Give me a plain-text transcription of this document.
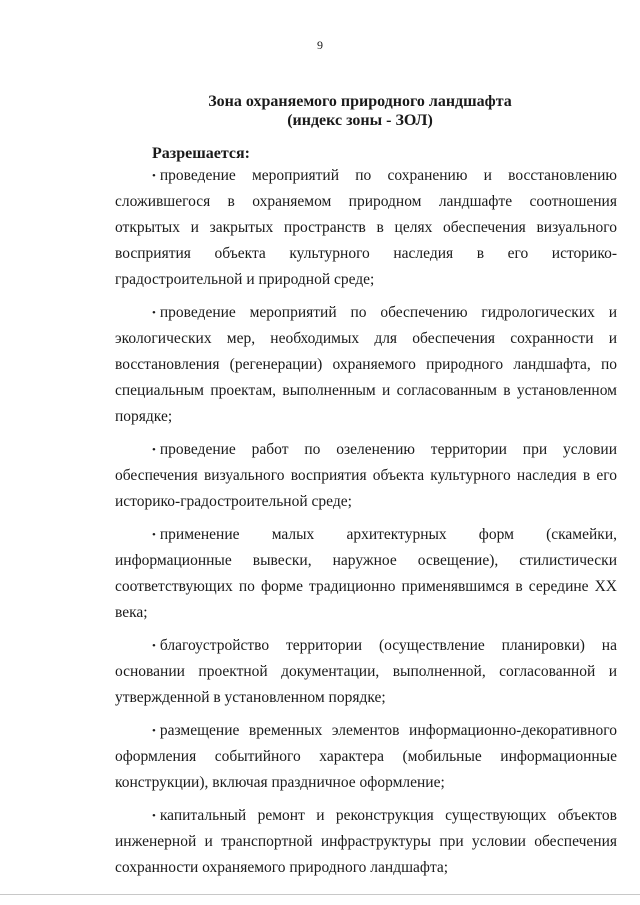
9
Зона охраняемого природного ландшафта
(индекс зоны - ЗОЛ)
Разрешается:

• проведение мероприятий по сохранению и восстановлению сложившегося в охраняемом природном ландшафте соотношения открытых и закрытых пространств в целях обеспечения визуального восприятия объекта культурного наследия в его историко-градостроительной и природной среде;

• проведение мероприятий по обеспечению гидрологических и экологических мер, необходимых для обеспечения сохранности и восстановления (регенерации) охраняемого природного ландшафта, по специальным проектам, выполненным и согласованным в установленном порядке;

• проведение работ по озеленению территории при условии обеспечения визуального восприятия объекта культурного наследия в его историко-градостроительной среде;

• применение малых архитектурных форм (скамейки, информационные вывески, наружное освещение), стилистически соответствующих по форме традиционно применявшимся в середине XX века;

• благоустройство территории (осуществление планировки) на основании проектной документации, выполненной, согласованной и утвержденной в установленном порядке;

• размещение временных элементов информационно-декоративного оформления событийного характера (мобильные информационные конструкции), включая праздничное оформление;

• капитальный ремонт и реконструкция существующих объектов инженерной и транспортной инфраструктуры при условии обеспечения сохранности охраняемого природного ландшафта;
